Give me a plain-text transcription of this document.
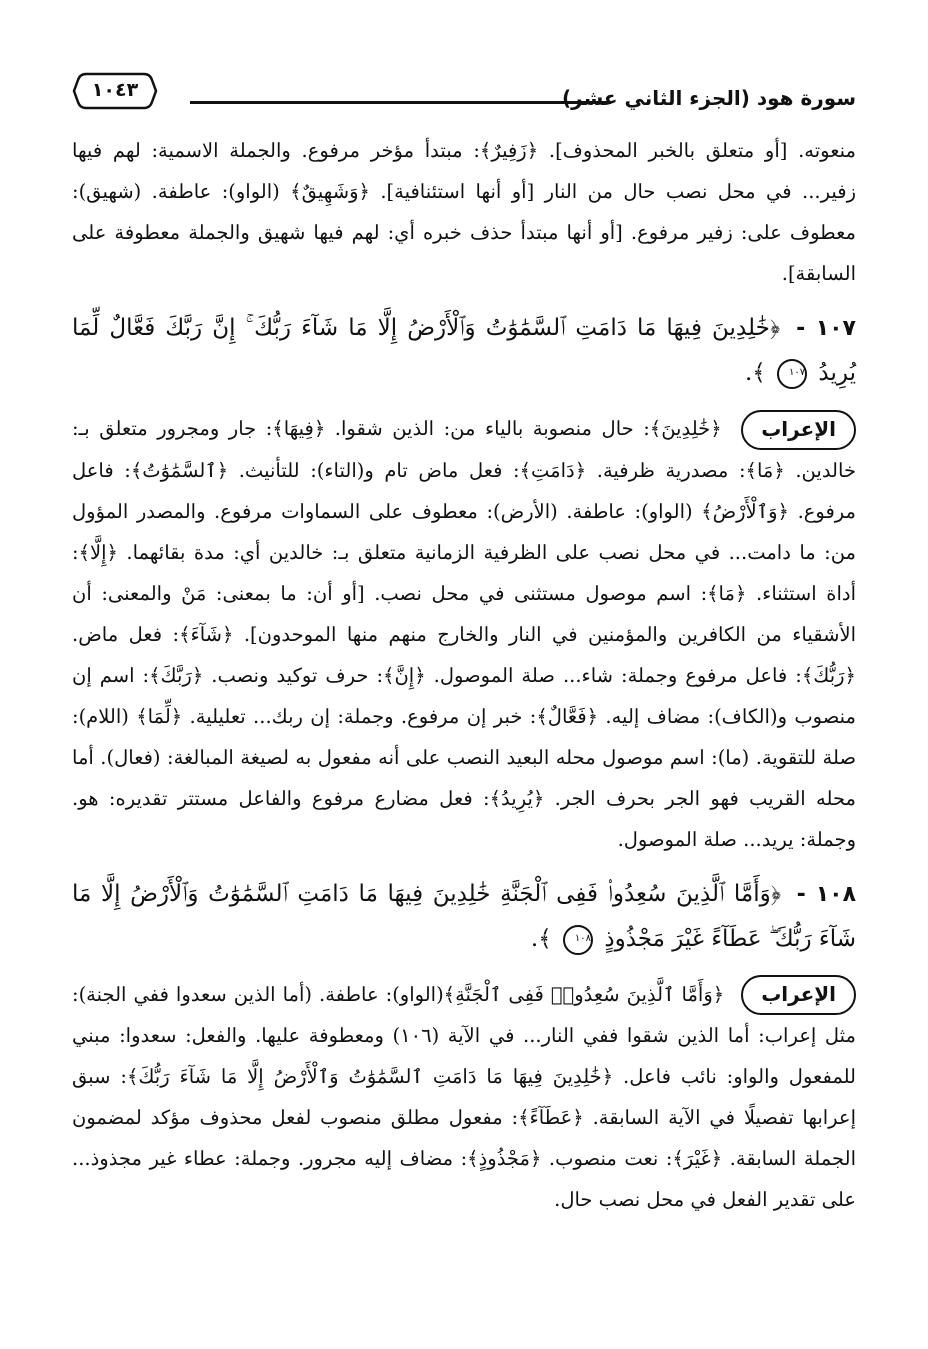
سورة هود (الجزء الثاني عشر)
١٠٤٣

منعوته. [أو متعلق بالخبر المحذوف]. ﴿زَفِيرٌ﴾: مبتدأ مؤخر مرفوع. والجملة الاسمية: لهم فيها زفير... في محل نصب حال من النار [أو أنها استئنافية]. ﴿وَشَهِيقٌ﴾ (الواو): عاطفة. (شهيق): معطوف على: زفير مرفوع. [أو أنها مبتدأ حذف خبره أي: لهم فيها شهيق والجملة معطوفة على السابقة].

١٠٧ - ﴿خَٰلِدِينَ فِيهَا مَا دَامَتِ ٱلسَّمَٰوَٰتُ وَٱلْأَرْضُ إِلَّا مَا شَآءَ رَبُّكَ ۚ إِنَّ رَبَّكَ فَعَّالٌ لِّمَا يُرِيدُ ١٠٧ ﴾.

الإعراب ﴿خَٰلِدِينَ﴾: حال منصوبة بالياء من: الذين شقوا. ﴿فِيهَا﴾: جار ومجرور متعلق بـ: خالدين. ﴿مَا﴾: مصدرية ظرفية. ﴿دَامَتِ﴾: فعل ماض تام و(التاء): للتأنيث. ﴿ٱلسَّمَٰوَٰتُ﴾: فاعل مرفوع. ﴿وَٱلْأَرْضُ﴾ (الواو): عاطفة. (الأرض): معطوف على السماوات مرفوع. والمصدر المؤول من: ما دامت... في محل نصب على الظرفية الزمانية متعلق بـ: خالدين أي: مدة بقائهما. ﴿إِلَّا﴾: أداة استثناء. ﴿مَا﴾: اسم موصول مستثنى في محل نصب. [أو أن: ما بمعنى: مَنْ والمعنى: أن الأشقياء من الكافرين والمؤمنين في النار والخارج منهم منها الموحدون]. ﴿شَآءَ﴾: فعل ماض. ﴿رَبُّكَ﴾: فاعل مرفوع وجملة: شاء... صلة الموصول. ﴿إِنَّ﴾: حرف توكيد ونصب. ﴿رَبَّكَ﴾: اسم إن منصوب و(الكاف): مضاف إليه. ﴿فَعَّالٌ﴾: خبر إن مرفوع. وجملة: إن ربك... تعليلية. ﴿لِّمَا﴾ (اللام): صلة للتقوية. (ما): اسم موصول محله البعيد النصب على أنه مفعول به لصيغة المبالغة: (فعال). أما محله القريب فهو الجر بحرف الجر. ﴿يُرِيدُ﴾: فعل مضارع مرفوع والفاعل مستتر تقديره: هو. وجملة: يريد... صلة الموصول.

١٠٨ - ﴿وَأَمَّا ٱلَّذِينَ سُعِدُوا۟ فَفِى ٱلْجَنَّةِ خَٰلِدِينَ فِيهَا مَا دَامَتِ ٱلسَّمَٰوَٰتُ وَٱلْأَرْضُ إِلَّا مَا شَآءَ رَبُّكَ ۖ عَطَآءً غَيْرَ مَجْذُوذٍ ١٠٨ ﴾.

الإعراب ﴿وَأَمَّا ٱلَّذِينَ سُعِدُوا۟ فَفِى ٱلْجَنَّةِ﴾(الواو): عاطفة. (أما الذين سعدوا ففي الجنة): مثل إعراب: أما الذين شقوا ففي النار... في الآية (١٠٦) ومعطوفة عليها. والفعل: سعدوا: مبني للمفعول والواو: نائب فاعل. ﴿خَٰلِدِينَ فِيهَا مَا دَامَتِ ٱلسَّمَٰوَٰتُ وَٱلْأَرْضُ إِلَّا مَا شَآءَ رَبُّكَ﴾: سبق إعرابها تفصيلًا في الآية السابقة. ﴿عَطَآءً﴾: مفعول مطلق منصوب لفعل محذوف مؤكد لمضمون الجملة السابقة. ﴿غَيْرَ﴾: نعت منصوب. ﴿مَجْذُوذٍ﴾: مضاف إليه مجرور. وجملة: عطاء غير مجذوذ... على تقدير الفعل في محل نصب حال.
